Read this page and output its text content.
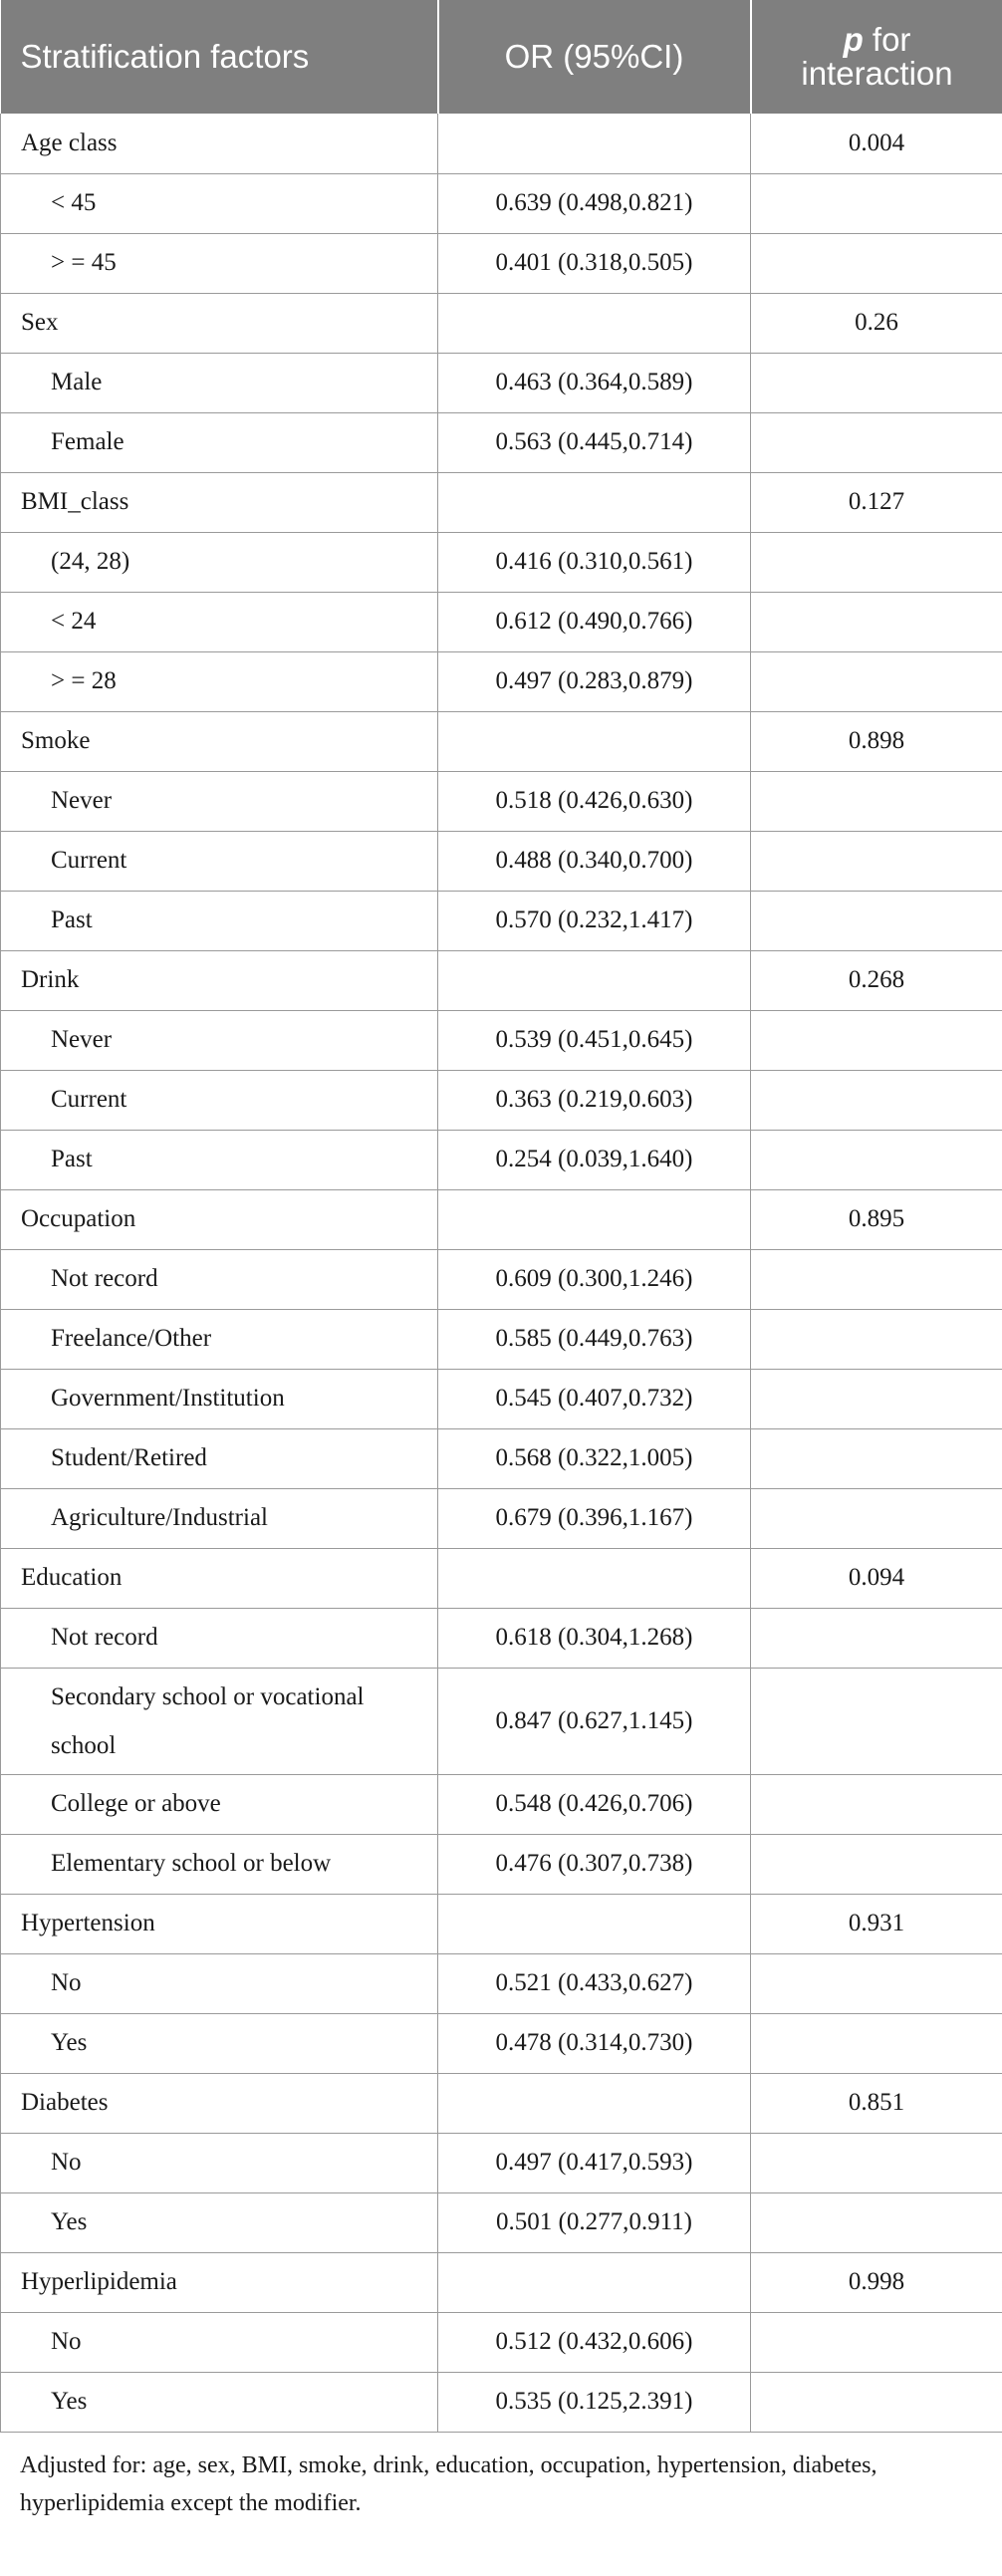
Stratification factors	OR (95%CI)	p for interaction
Age class		0.004
< 45	0.639 (0.498,0.821)	
> = 45	0.401 (0.318,0.505)	
Sex		0.26
Male	0.463 (0.364,0.589)	
Female	0.563 (0.445,0.714)	
BMI_class		0.127
(24, 28)	0.416 (0.310,0.561)	
< 24	0.612 (0.490,0.766)	
> = 28	0.497 (0.283,0.879)	
Smoke		0.898
Never	0.518 (0.426,0.630)	
Current	0.488 (0.340,0.700)	
Past	0.570 (0.232,1.417)	
Drink		0.268
Never	0.539 (0.451,0.645)	
Current	0.363 (0.219,0.603)	
Past	0.254 (0.039,1.640)	
Occupation		0.895
Not record	0.609 (0.300,1.246)	
Freelance/Other	0.585 (0.449,0.763)	
Government/Institution	0.545 (0.407,0.732)	
Student/Retired	0.568 (0.322,1.005)	
Agriculture/Industrial	0.679 (0.396,1.167)	
Education		0.094
Not record	0.618 (0.304,1.268)	
Secondary school or vocational school	0.847 (0.627,1.145)	
College or above	0.548 (0.426,0.706)	
Elementary school or below	0.476 (0.307,0.738)	
Hypertension		0.931
No	0.521 (0.433,0.627)	
Yes	0.478 (0.314,0.730)	
Diabetes		0.851
No	0.497 (0.417,0.593)	
Yes	0.501 (0.277,0.911)	
Hyperlipidemia		0.998
No	0.512 (0.432,0.606)	
Yes	0.535 (0.125,2.391)	
Adjusted for: age, sex, BMI, smoke, drink, education, occupation, hypertension, diabetes, hyperlipidemia except the modifier.
